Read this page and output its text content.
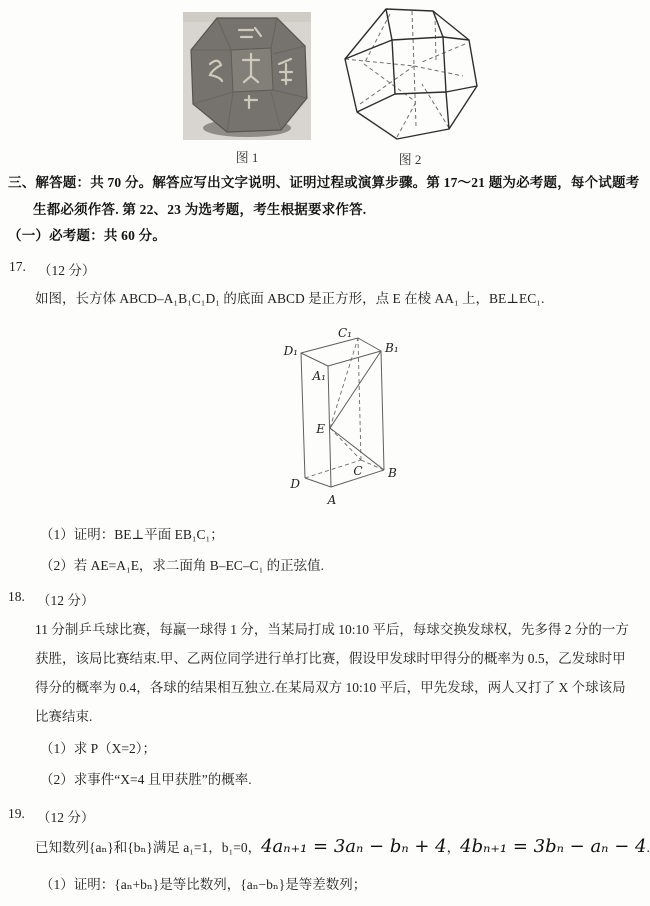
图 1	图 2
三、解答题：共 70 分。解答应写出文字说明、证明过程或演算步骤。第 17～21 题为必考题，每个试题考
生都必须作答. 第 22、23 为选考题，考生根据要求作答.
（一）必考题：共 60 分。
17. （12 分）
如图，长方体 ABCD–A₁B₁C₁D₁ 的底面 ABCD 是正方形，点 E 在棱 AA₁ 上，BE⊥EC₁.
C₁
D₁	B₁
A₁
E
C B
D
A
（1）证明：BE⊥平面 EB₁C₁；
（2）若 AE=A₁E，求二面角 B–EC–C₁ 的正弦值.
18. （12 分）
11 分制乒乓球比赛，每赢一球得 1 分，当某局打成 10:10 平后，每球交换发球权，先多得 2 分的一方
获胜，该局比赛结束.甲、乙两位同学进行单打比赛，假设甲发球时甲得分的概率为 0.5，乙发球时甲
得分的概率为 0.4，各球的结果相互独立.在某局双方 10:10 平后，甲先发球，两人又打了 X 个球该局
比赛结束.
（1）求 P（X=2）；
（2）求事件“X=4 且甲获胜”的概率.
19. （12 分）
已知数列{aₙ}和{bₙ}满足 a₁=1，b₁=0，4aₙ₊₁ = 3aₙ − bₙ + 4，4bₙ₊₁ = 3bₙ − aₙ − 4.
（1）证明：{aₙ+bₙ}是等比数列，{aₙ−bₙ}是等差数列；
